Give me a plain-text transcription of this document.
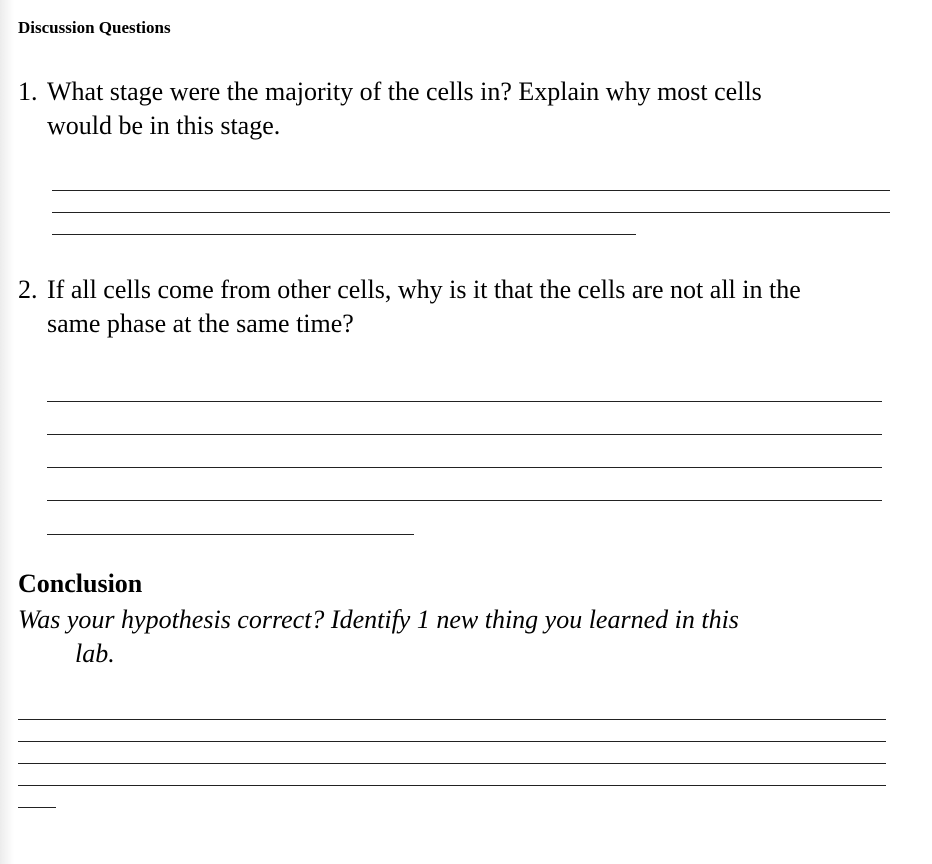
Discussion Questions
1. What stage were the majority of the cells in? Explain why most cells
would be in this stage.
2. If all cells come from other cells, why is it that the cells are not all in the
same phase at the same time?
Conclusion
Was your hypothesis correct? Identify 1 new thing you learned in this
lab.
